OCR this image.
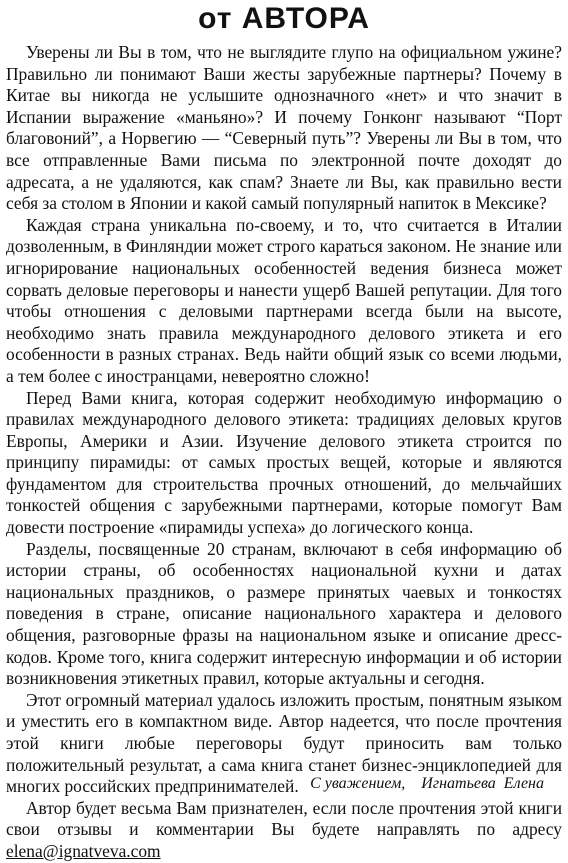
от АВТОРА

Уверены ли Вы в том, что не выглядите глупо на официальном ужине? Правильно ли понимают Ваши жесты зарубежные партнеры? Почему в Китае вы никогда не услышите однозначного «нет» и что значит в Испании выражение «маньяно»? И почему Гонконг называют “Порт благовоний”, а Норвегию — “Северный путь”? Уверены ли Вы в том, что все отправленные Вами письма по электронной почте доходят до адресата, а не удаляются, как спам? Знаете ли Вы, как правильно вести себя за столом в Японии и какой самый популярный напиток в Мексике?

Каждая страна уникальна по-своему, и то, что считается в Италии дозволенным, в Финляндии может строго караться законом. Не знание или игнорирование национальных особенностей ведения бизнеса может сорвать деловые переговоры и нанести ущерб Вашей репутации. Для того чтобы отношения с деловыми партнерами всегда были на высоте, необходимо знать правила международного делового этикета и его особенности в разных странах. Ведь найти общий язык со всеми людьми, а тем более с иностранцами, невероятно сложно!

Перед Вами книга, которая содержит необходимую информацию о правилах международного делового этикета: традициях деловых кругов Европы, Америки и Азии. Изучение делового этикета строится по принципу пирамиды: от самых простых вещей, которые и являются фундаментом для строительства прочных отношений, до мельчайших тонкостей общения с зарубежными партнерами, которые помогут Вам довести построение «пирамиды успеха» до логического конца.

Разделы, посвященные 20 странам, включают в себя информацию об истории страны, об особенностях национальной кухни и датах национальных праздников, о размере принятых чаевых и тонкостях поведения в стране, описание национального характера и делового общения, разговорные фразы на национальном языке и описание дресс-кодов. Кроме того, книга содержит интересную информации и об истории возникновения этикетных правил, которые актуальны и сегодня.

Этот огромный материал удалось изложить простым, понятным языком и уместить его в компактном виде. Автор надеется, что после прочтения этой книги любые переговоры будут приносить вам только положительный результат, а сама книга станет бизнес-энциклопедией для многих российских предпринимателей.

Автор будет весьма Вам признателен, если после прочтения этой книги свои отзывы и комментарии Вы будете направлять по адресу elena@ignatveva.com

С уважением,    Игнатьева  Елена
